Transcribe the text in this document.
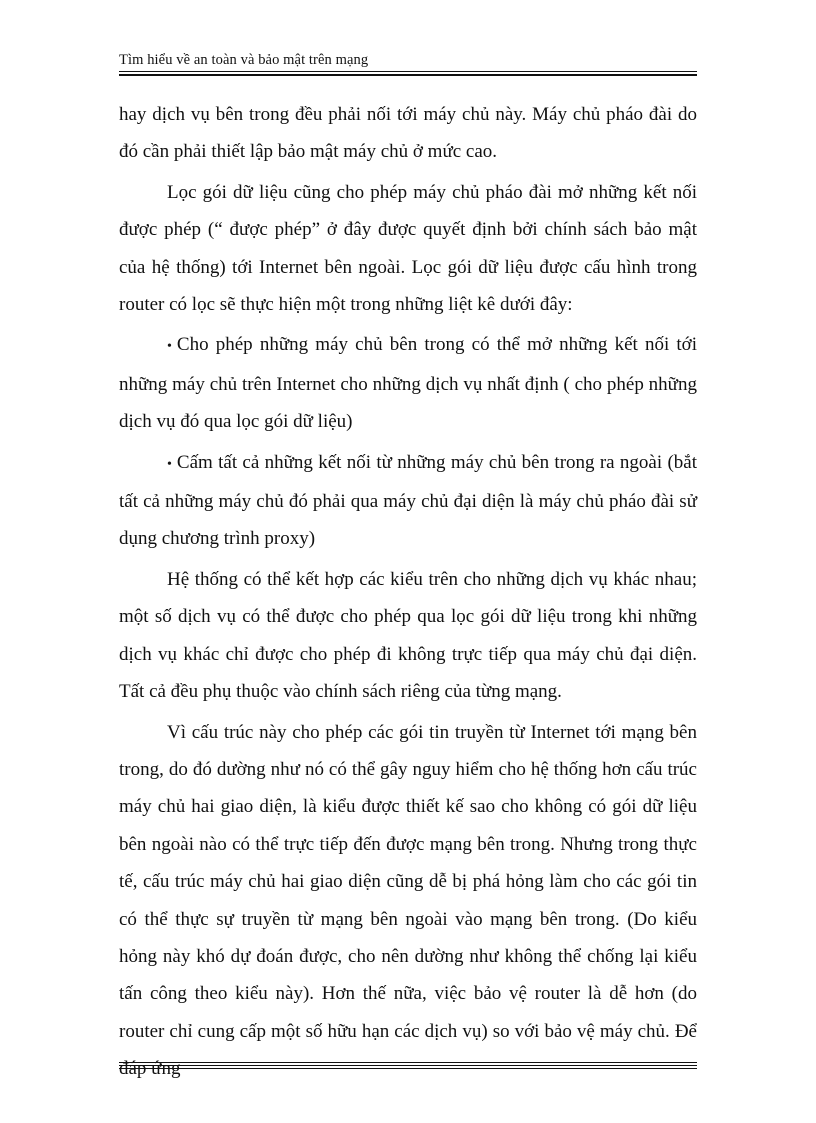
Tìm hiểu về an toàn và bảo mật trên mạng

hay dịch vụ bên trong đều phải nối tới máy chủ này. Máy chủ pháo đài do đó cần phải thiết lập bảo mật máy chủ ở mức cao.

Lọc gói dữ liệu cũng cho phép máy chủ pháo đài mở những kết nối được phép (“ được phép” ở đây được quyết định bởi chính sách bảo mật của hệ thống) tới Internet bên ngoài. Lọc gói dữ liệu được cấu hình trong router có lọc sẽ thực hiện một trong những liệt kê dưới đây:

• Cho phép những máy chủ bên trong có thể mở những kết nối tới những máy chủ trên Internet cho những dịch vụ nhất định ( cho phép những dịch vụ đó qua lọc gói dữ liệu)

• Cấm tất cả những kết nối từ những máy chủ bên trong ra ngoài (bắt tất cả những máy chủ đó phải qua máy chủ đại diện là máy chủ pháo đài sử dụng chương trình proxy)

Hệ thống có thể kết hợp các kiểu trên cho những dịch vụ khác nhau; một số dịch vụ có thể được cho phép qua lọc gói dữ liệu trong khi những dịch vụ khác chỉ được cho phép đi không trực tiếp qua máy chủ đại diện. Tất cả đều phụ thuộc vào chính sách riêng của từng mạng.

Vì cấu trúc này cho phép các gói tin truyền từ Internet tới mạng bên trong, do đó dường như nó có thể gây nguy hiểm cho hệ thống hơn cấu trúc máy chủ hai giao diện, là kiểu được thiết kế sao cho không có gói dữ liệu bên ngoài nào có thể trực tiếp đến được mạng bên trong. Nhưng trong thực tế, cấu trúc máy chủ hai giao diện cũng dễ bị phá hỏng làm cho các gói tin có thể thực sự truyền từ mạng bên ngoài vào mạng bên trong. (Do kiểu hỏng này khó dự đoán được, cho nên dường như không thể chống lại kiểu tấn công theo kiểu này). Hơn thế nữa, việc bảo vệ router là dễ hơn (do router chỉ cung cấp một số hữu hạn các dịch vụ) so với bảo vệ máy chủ. Để đáp ứng
